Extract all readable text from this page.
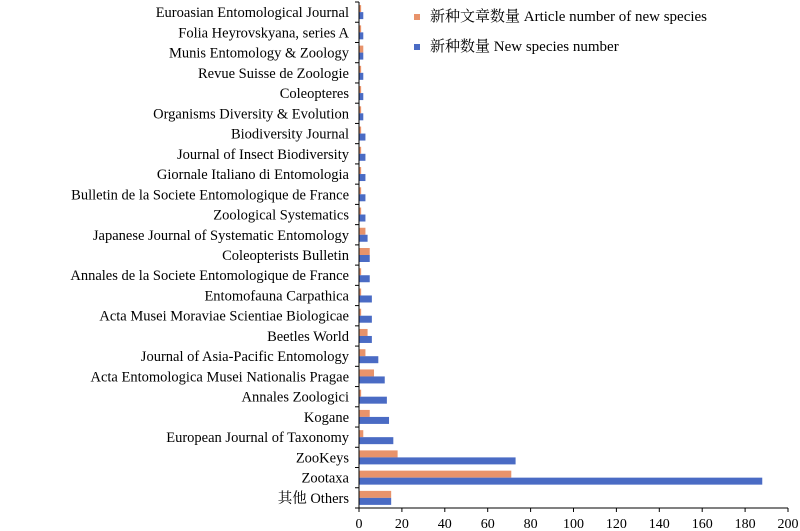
Euroasian Entomological Journal
Folia Heyrovskyana, series A
Munis Entomology & Zoology
Revue Suisse de Zoologie
Coleopteres
Organisms Diversity & Evolution
Biodiversity Journal
Journal of Insect Biodiversity
Giornale Italiano di Entomologia
Bulletin de la Societe Entomologique de France
Zoological Systematics
Japanese Journal of Systematic Entomology
Coleopterists Bulletin
Annales de la Societe Entomologique de France
Entomofauna Carpathica
Acta Musei Moraviae Scientiae Biologicae
Beetles World
Journal of Asia-Pacific Entomology
Acta Entomologica Musei Nationalis Pragae
Annales Zoologici
Kogane
European Journal of Taxonomy
ZooKeys
Zootaxa
其他 Others
0 20 40 60 80 100 120 140 160 180 200
新种文章数量 Article number of new species
新种数量 New species number
